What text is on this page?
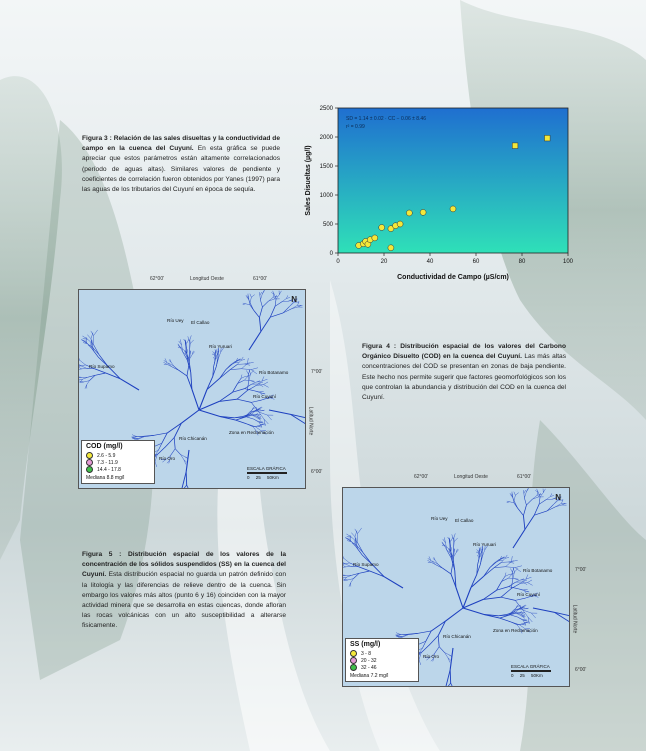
Figura 3 : Relación de las sales disueltas y la conductividad de campo en la cuenca del Cuyuní. En esta gráfica se puede apreciar que estos parámetros están altamente correlacionados (período de aguas altas). Similares valores de pendiente y coeficientes de correlación fueron obtenidos por Yanes (1997) para las aguas de los tributarios del Cuyuní en época de sequía.
0	20	40	60	80	100
0
500
1000
1500
2000
2500
Conductividad de Campo (µS/cm)
Sales Disueltas (µg/l)
SD = 1.14 ± 0.02 · CC − 0.06 ± 8.46
r² = 0.99
Figura 4 : Distribución espacial de los valores del Carbono Orgánico Disuelto (COD) en la cuenca del Cuyuní. Las más altas concentraciones del COD se presentan en zonas de baja pendiente. Este hecho nos permite sugerir que factores geomorfológicos son los que controlan la abundancia y distribución del COD en la cuenca del Cuyuní.
Figura 5 : Distribución espacial de los valores de la concentración de los sólidos suspendidos (SS) en la cuenca del Cuyuní. Esta distribución espacial no guarda un patrón definido con la litología y las diferencias de relieve dentro de la cuenca. Sin embargo los valores más altos (punto 6 y 16) coinciden con la mayor actividad minera que se desarrolla en estas cuencas, donde afloran las rocas volcánicas con un alto susceptibilidad a alterarse fisicamente.
62°00'	Longitud Oeste	61°00'
N
Río Supamo
Río Cuyuní
Río Yuruari
Río Botanamo
Río Chicanán
Zona en Reclamación
Río Uey
Río Oro
El Callao
COD (mg/l)
2.6 - 5.9
7.3 - 11.9
14.4 - 17.8
Mediana 8.8 mg/l
ESCALA GRÁFICA
0     25     50Km
7°00'
Latitud Norte
6°00'
62°00'	Longitud Oeste	61°00'
N
Río Supamo
Río Cuyuní
Río Yuruari
Río Botanamo
Río Chicanán
Zona en Reclamación
Río Uey
Río Oro
El Callao
SS (mg/l)
3 - 8
20 - 32
32 - 46
Mediana 7.2 mg/l
ESCALA GRÁFICA
0     25     50Km
7°00'
Latitud Norte
6°00'
